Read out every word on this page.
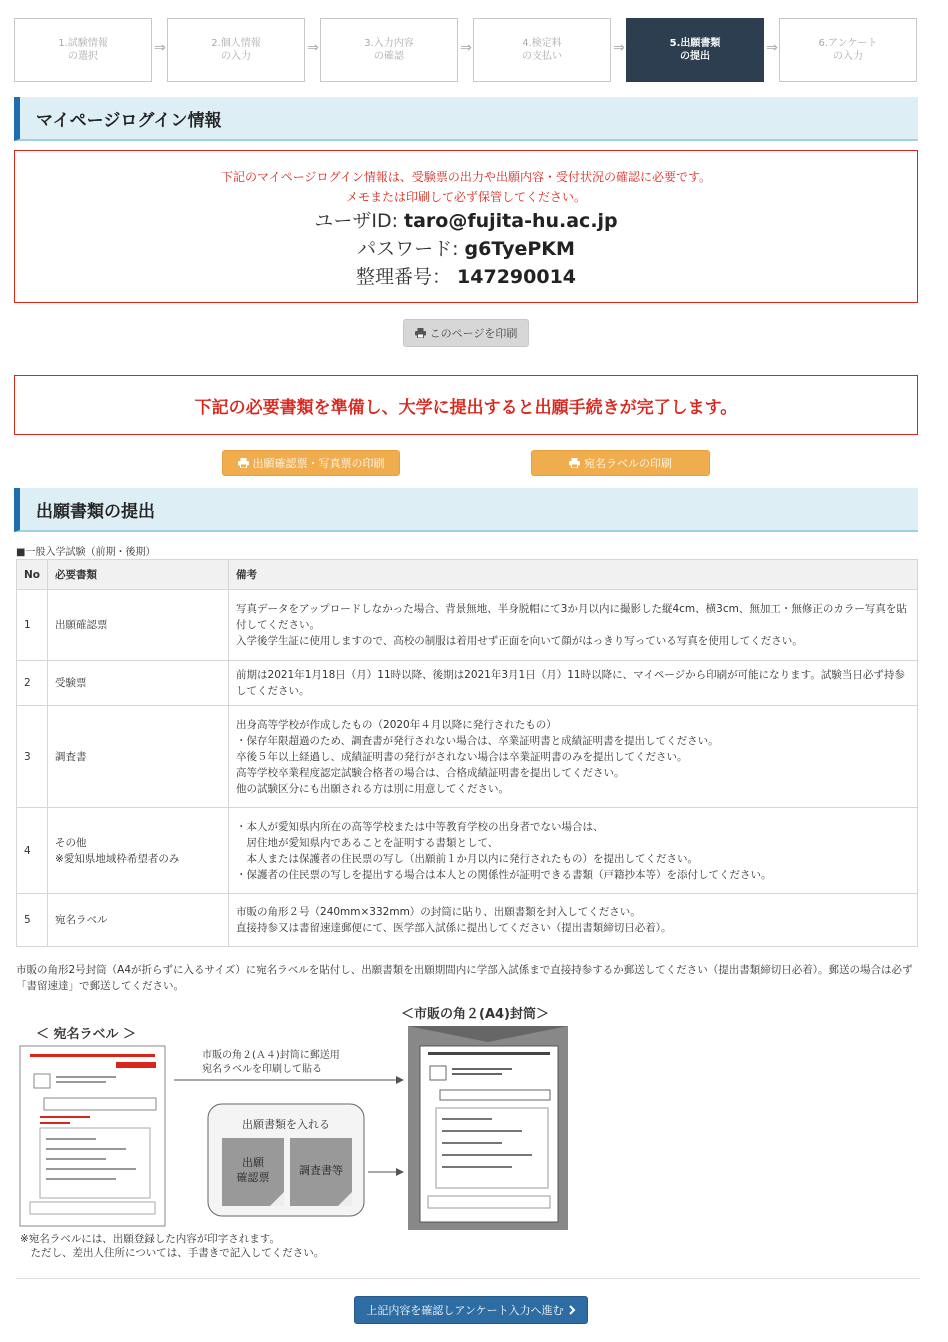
1.試験情報
の選択
⇒	2.個人情報
の入力
⇒	3.入力内容
の確認
⇒	4.検定料
の支払い
⇒	5.出願書類
の提出
⇒	6.アンケート
の入力
マイページログイン情報
下記のマイページログイン情報は、受験票の出力や出願内容・受付状況の確認に必要です。
メモまたは印刷して必ず保管してください。
ユーザID: taro@fujita-hu.ac.jp
パスワード: g6TyePKM
整理番号： 147290014
このページを印刷
下記の必要書類を準備し、大学に提出すると出願手続きが完了します。
出願確認票・写真票の印刷	宛名ラベルの印刷
出願書類の提出
■一般入学試験（前期・後期）
No	必要書類	備考
1	出願確認票	写真データをアップロードしなかった場合、背景無地、半身脱帽にて3か月以内に撮影した縦4cm、横3cm、無加工・無修正のカラー写真を貼付してください。
入学後学生証に使用しますので、高校の制服は着用せず正面を向いて顔がはっきり写っている写真を使用してください。
2	受験票	前期は2021年1月18日（月）11時以降、後期は2021年3月1日（月）11時以降に、マイページから印刷が可能になります。試験当日必ず持参してください。
3	調査書	出身高等学校が作成したもの（2020年４月以降に発行されたもの）
・保存年限超過のため、調査書が発行されない場合は、卒業証明書と成績証明書を提出してください。
卒後５年以上経過し、成績証明書の発行がされない場合は卒業証明書のみを提出してください。
高等学校卒業程度認定試験合格者の場合は、合格成績証明書を提出してください。
他の試験区分にも出願される方は別に用意してください。
4	その他
※愛知県地域枠希望者のみ	・本人が愛知県内所在の高等学校または中等教育学校の出身者でない場合は、
　居住地が愛知県内であることを証明する書類として、
　本人または保護者の住民票の写し（出願前１か月以内に発行されたもの）を提出してください。
・保護者の住民票の写しを提出する場合は本人との関係性が証明できる書類（戸籍抄本等）を添付してください。
5	宛名ラベル	市販の角形２号（240mm×332mm）の封筒に貼り、出願書類を封入してください。
直接持参又は書留速達郵便にて、医学部入試係に提出してください（提出書類締切日必着）。
市販の角形2号封筒（A4が折らずに入るサイズ）に宛名ラベルを貼付し、出願書類を出願期間内に学部入試係まで直接持参するか郵送してください（提出書類締切日必着）。郵送の場合は必ず「書留速達」で郵送してください。
＜ 宛名ラベル ＞
＜市販の角２(A4)封筒＞
市販の角２(Ａ４)封筒に郵送用
宛名ラベルを印刷して貼る
出願書類を入れる
出願
確認票
調査書等
※宛名ラベルには、出願登録した内容が印字されます。
　ただし、差出人住所については、手書きで記入してください。
上記内容を確認しアンケート入力へ進む
